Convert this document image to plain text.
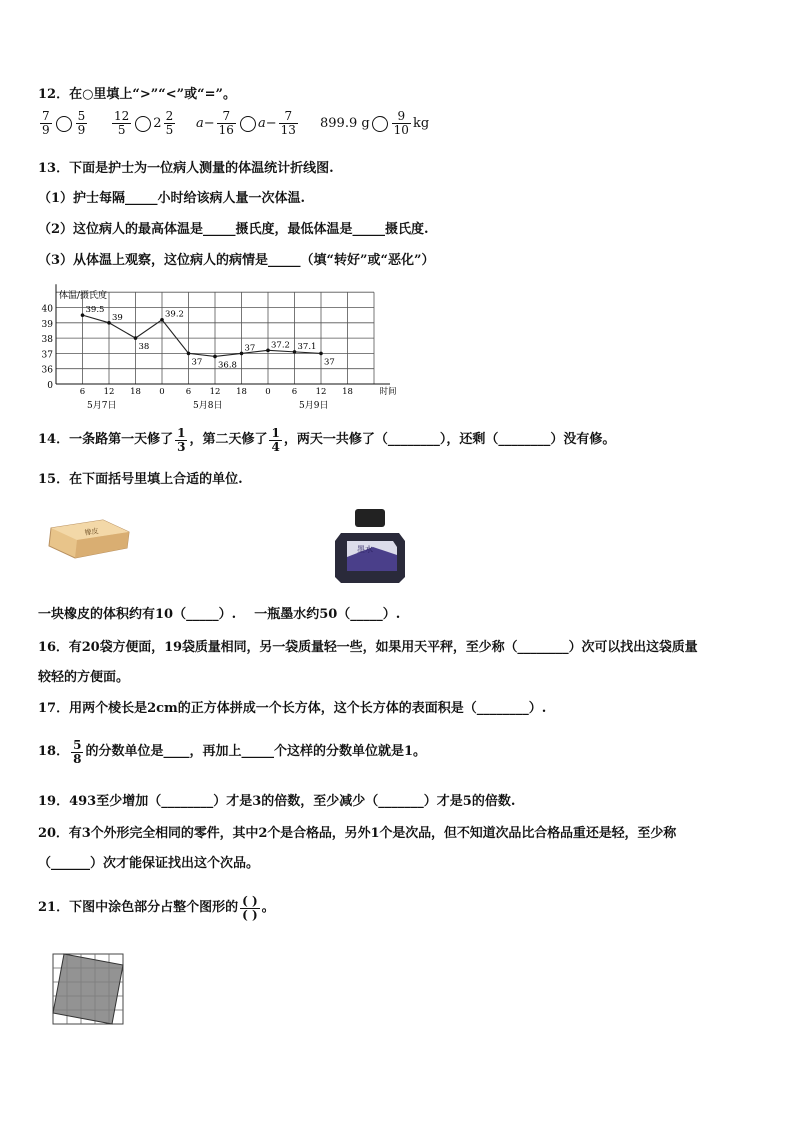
12．在○里填上“>”“<”或“=”。
$\frac{7}{9} \frac{5}{9} \frac{12}{5} 2 \frac{2}{5} a- \frac{7}{16} a- \frac{7}{13} 899.9$ g $\frac{9}{10}$ kg
13．下面是护士为一位病人测量的体温统计折线图.
（1）护士每隔_____小时给该病人量一次体温.
（2）这位病人的最高体温是_____摄氏度，最低体温是_____摄氏度.
（3）从体温上观察，这位病人的病情是_____（填“转好”或“恶化”）
0
36
37
38
39
40
体温/摄氏度
6 12 18 0 6 12 18 0 6 12 18	时间
5月7日	5月8日	5月9日
39.5
39
38
39.2
37 36.8
37 37.2 37.1
37
14．一条路第一天修了 $\frac{1}{3}$ ，第二天修了 $\frac{1}{4}$ ，两天一共修了（________），还剩（________）没有修。
15．在下面括号里填上合适的单位.
橡皮
墨水
一块橡皮的体积约有10（_____）.    一瓶墨水约50（_____）.
16．有20袋方便面，19袋质量相同，另一袋质量轻一些，如果用天平秤，至少称（________）次可以找出这袋质量
较轻的方便面。
17．用两个棱长是2cm的正方体拼成一个长方体，这个长方体的表面积是（________）.
18． $\frac{5}{8}$ 的分数单位是____，再加上_____个这样的分数单位就是1。
19．493至少增加（________）才是3的倍数，至少减少（_______）才是5的倍数.
20．有3个外形完全相同的零件，其中2个是合格品，另外1个是次品，但不知道次品比合格品重还是轻，至少称
（______）次才能保证找出这个次品。
21．下图中涂色部分占整个图形的 $\frac{( )}{( )}$ 。
